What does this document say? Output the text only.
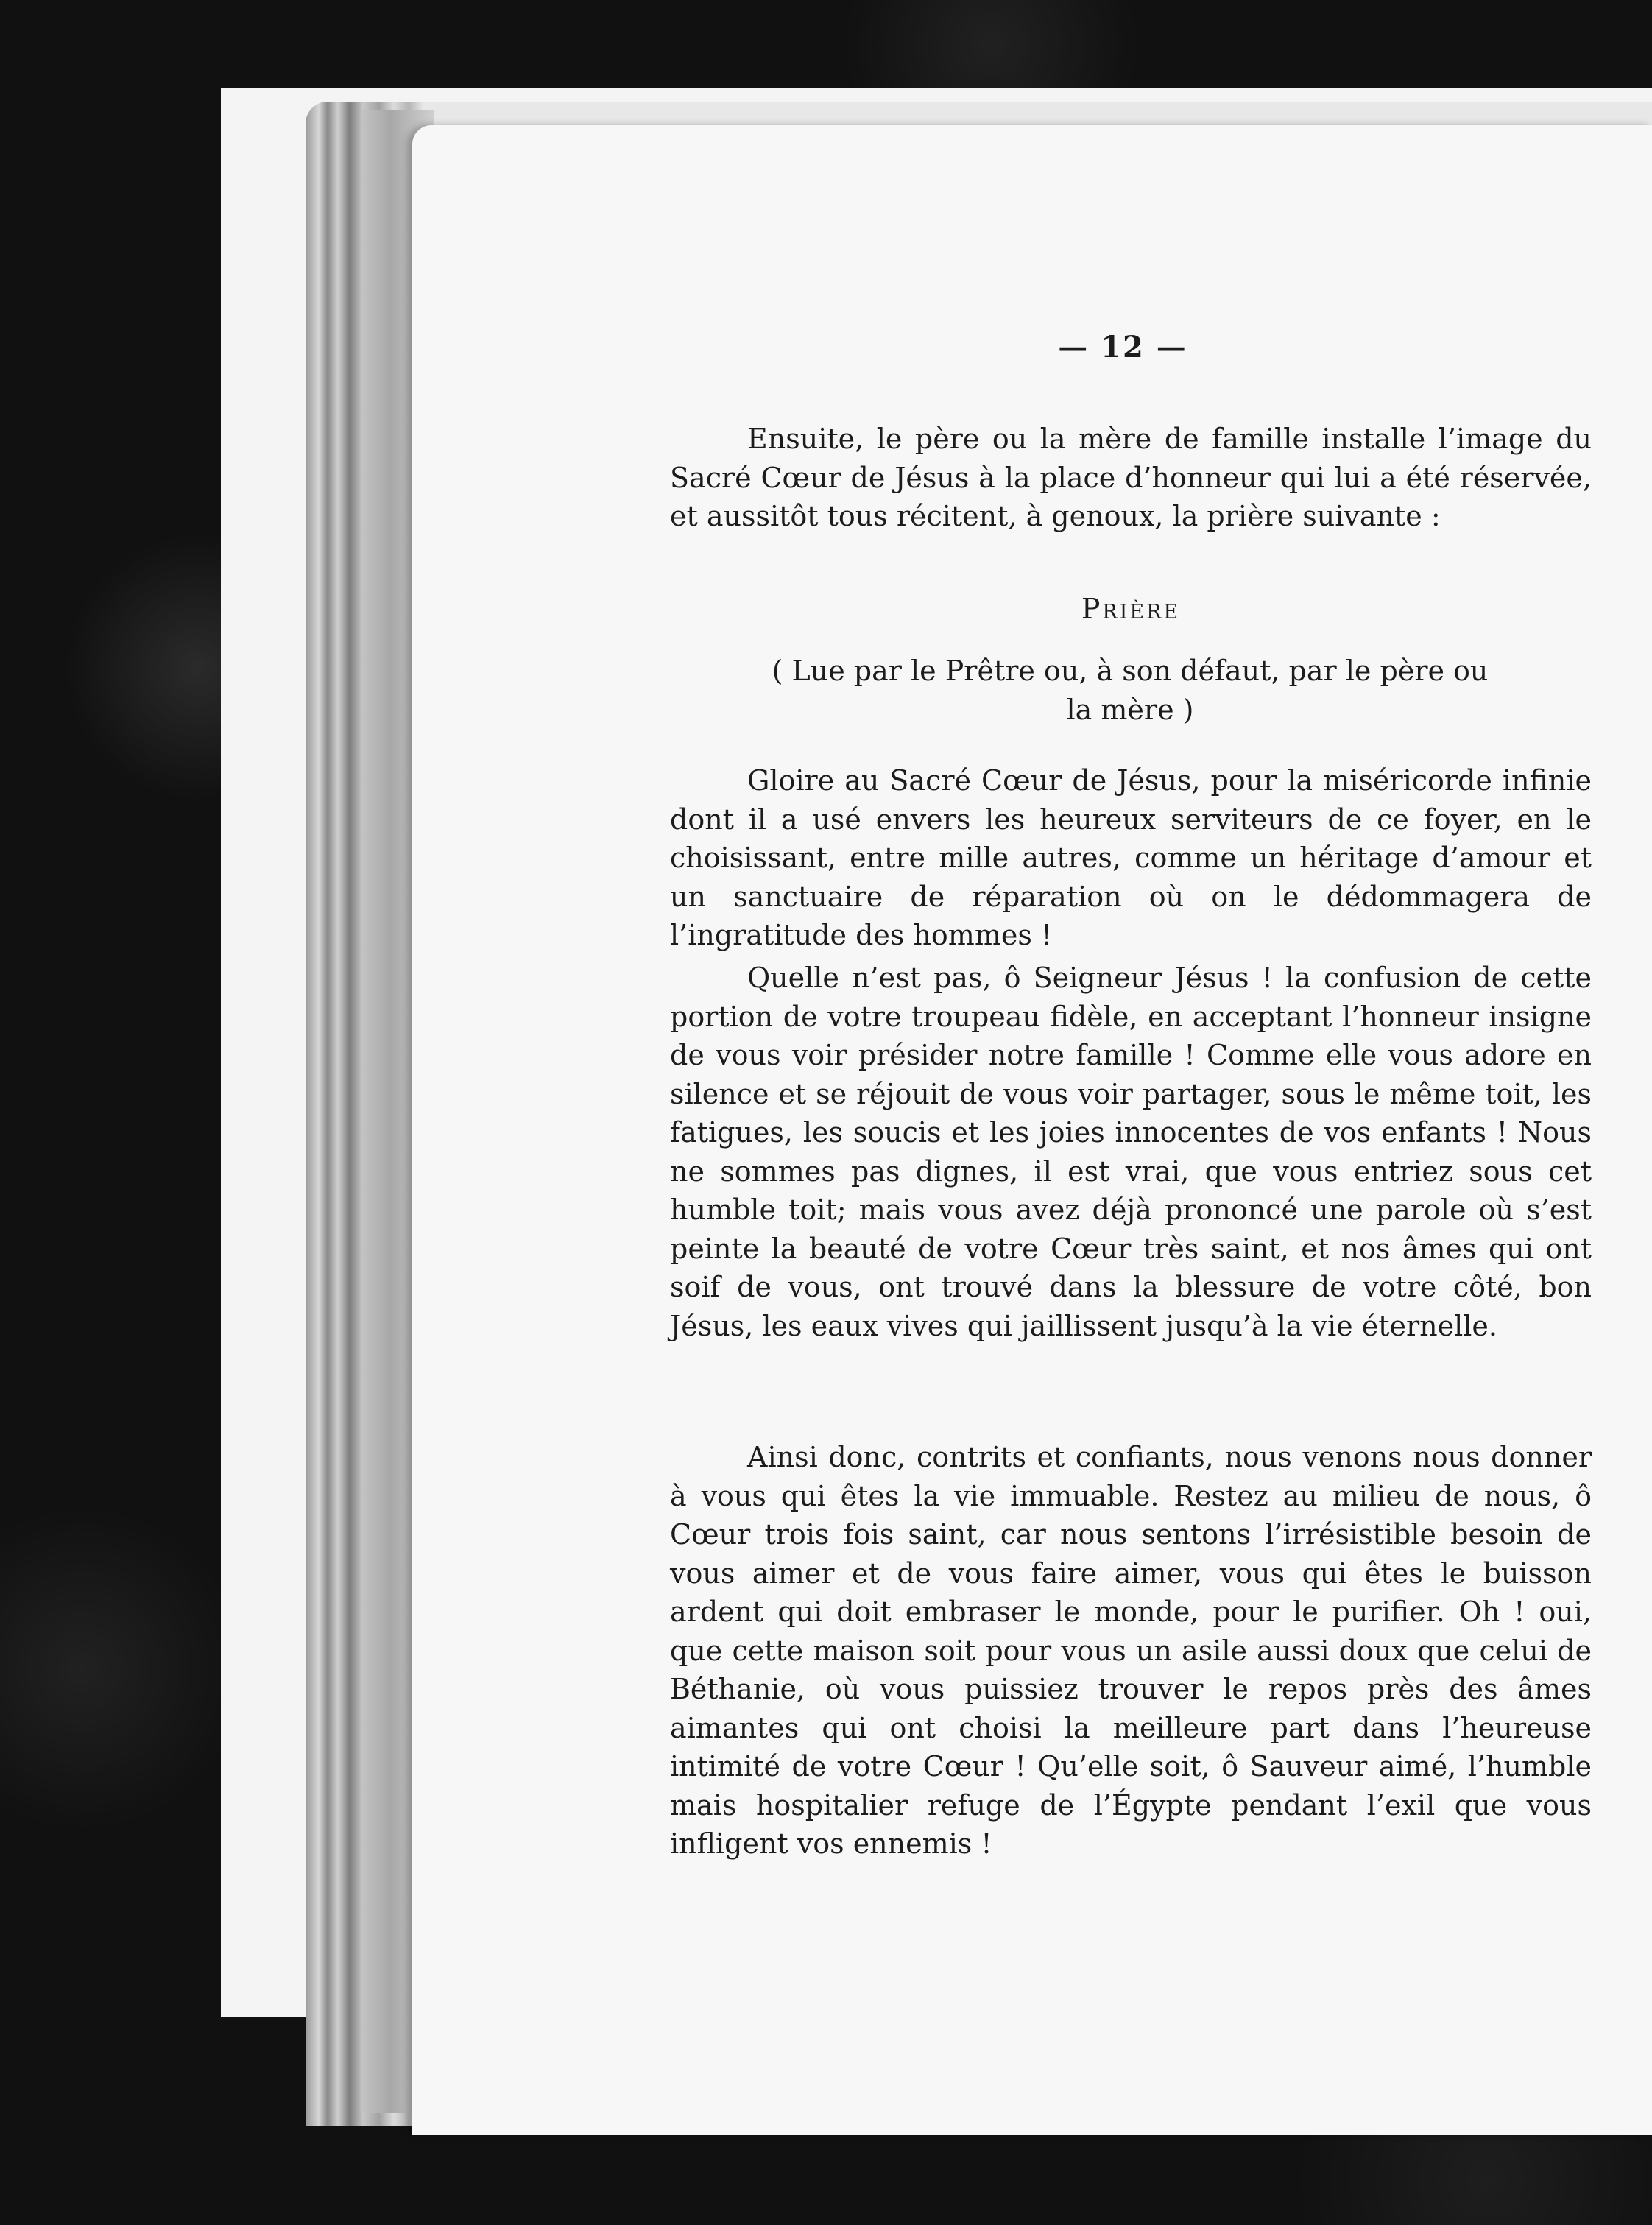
— 12 —

Ensuite, le père ou la mère de famille installe l’image du Sacré Cœur de Jésus à la place d’honneur qui lui a été réservée, et aussitôt tous récitent, à genoux, la prière suivante :

Prière
( Lue par le Prêtre ou, à son défaut, par le père ou la mère )

Gloire au Sacré Cœur de Jésus, pour la miséricorde infinie dont il a usé envers les heureux serviteurs de ce foyer, en le choisissant, entre mille autres, comme un héritage d’amour et un sanctuaire de réparation où on le dédommagera de l’ingratitude des hommes !

Quelle n’est pas, ô Seigneur Jésus ! la confusion de cette portion de votre troupeau fidèle, en acceptant l’honneur insigne de vous voir présider notre famille ! Comme elle vous adore en silence et se réjouit de vous voir partager, sous le même toit, les fatigues, les soucis et les joies innocentes de vos enfants ! Nous ne sommes pas dignes, il est vrai, que vous entriez sous cet humble toit; mais vous avez déjà prononcé une parole où s’est peinte la beauté de votre Cœur très saint, et nos âmes qui ont soif de vous, ont trouvé dans la blessure de votre côté, bon Jésus, les eaux vives qui jaillissent jusqu’à la vie éternelle.

Ainsi donc, contrits et confiants, nous venons nous donner à vous qui êtes la vie immuable. Restez au milieu de nous, ô Cœur trois fois saint, car nous sentons l’irrésistible besoin de vous aimer et de vous faire aimer, vous qui êtes le buisson ardent qui doit embraser le monde, pour le purifier. Oh ! oui, que cette maison soit pour vous un asile aussi doux que celui de Béthanie, où vous puissiez trouver le repos près des âmes aimantes qui ont choisi la meilleure part dans l’heureuse intimité de votre Cœur ! Qu’elle soit, ô Sauveur aimé, l’humble mais hospitalier refuge de l’Égypte pendant l’exil que vous infligent vos ennemis !
